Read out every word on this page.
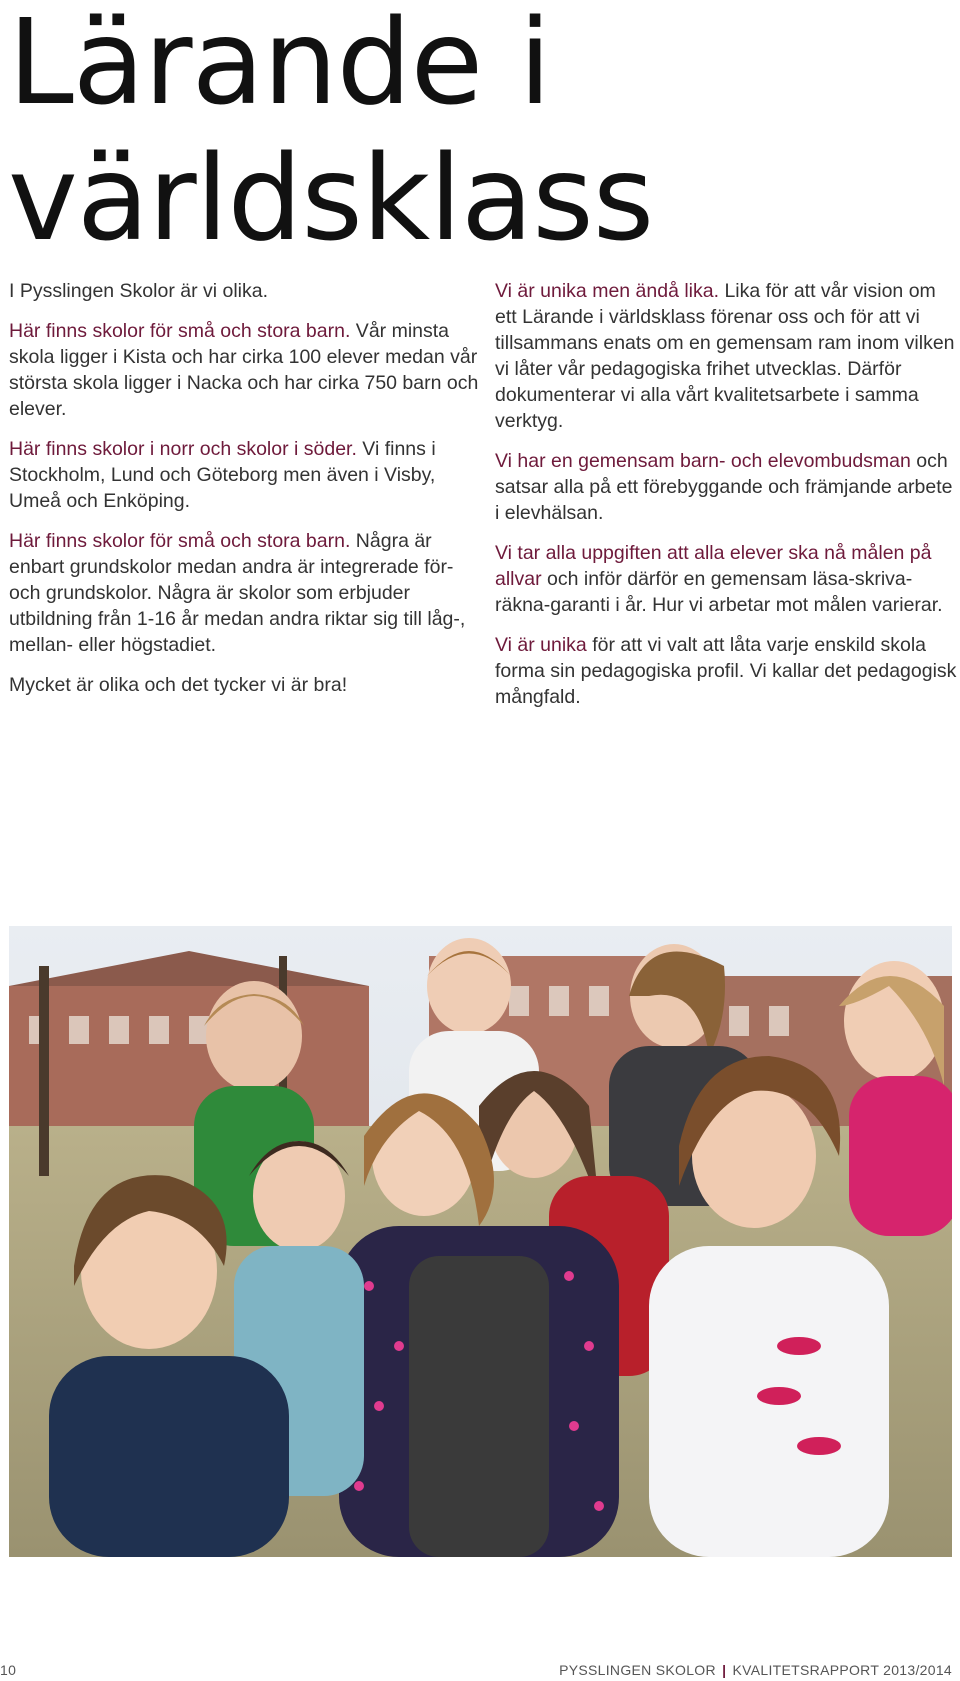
Lärande i
världsklass

I Pysslingen Skolor är vi olika.

Här finns skolor för små och stora barn. Vår minsta skola ligger i Kista och har cirka 100 elever medan vår största skola ligger i Nacka och har cirka 750 barn och elever.

Här finns skolor i norr och skolor i söder. Vi finns i Stockholm, Lund och Göteborg men även i Visby, Umeå och Enköping.

Här finns skolor för små och stora barn. Några är enbart grundskolor medan andra är integrerade för- och grundskolor. Några är skolor som erbjuder utbildning från 1-16 år medan andra riktar sig till låg-, mellan- eller högstadiet.

Mycket är olika och det tycker vi är bra!

Vi är unika men ändå lika. Lika för att vår vision om ett Lärande i världsklass förenar oss och för att vi tillsammans enats om en gemensam ram inom vilken vi låter vår pedagogiska frihet utvecklas. Därför dokumenterar vi alla vårt kvalitetsarbete i samma verktyg.

Vi har en gemensam barn- och elevombudsman och satsar alla på ett förebyggande och främjande arbete i elevhälsan.

Vi tar alla uppgiften att alla elever ska nå målen på allvar och inför därför en gemensam läsa-skriva-räkna-garanti i år. Hur vi arbetar mot målen varierar.

Vi är unika för att vi valt att låta varje enskild skola forma sin pedagogiska profil. Vi kallar det pedagogisk mångfald.

10	PYSSLINGEN SKOLOR | KVALITETSRAPPORT 2013/2014
